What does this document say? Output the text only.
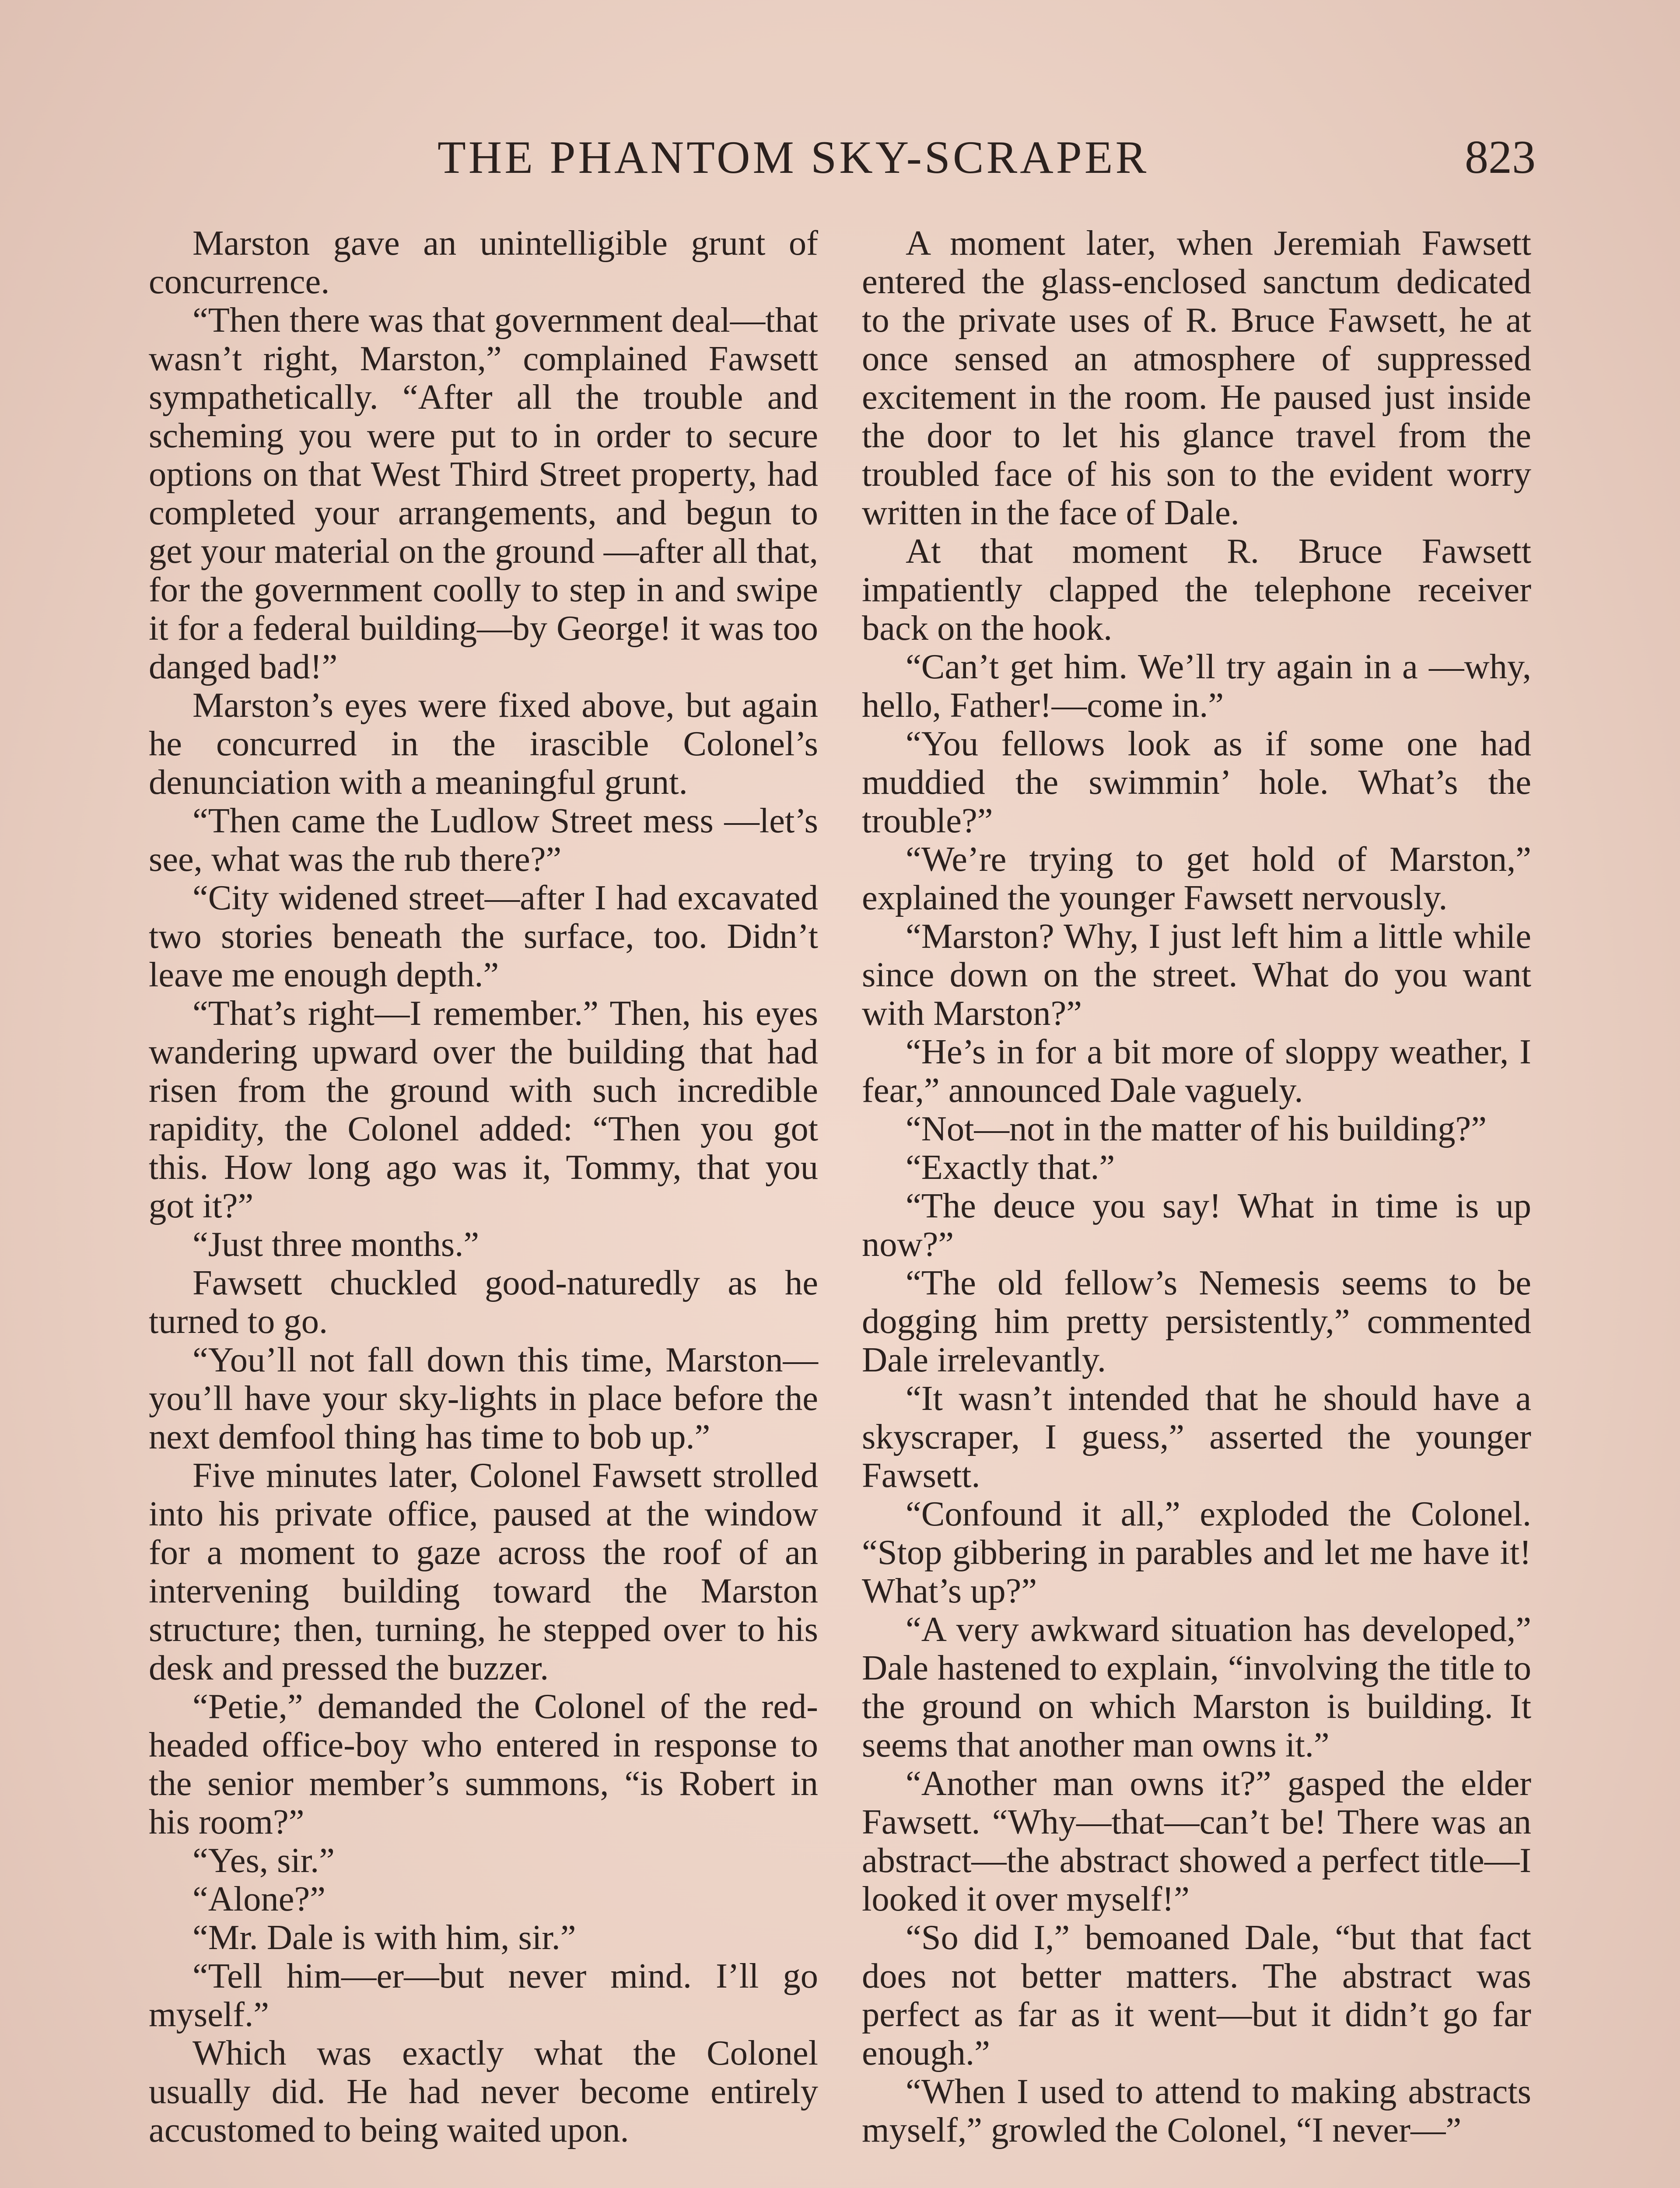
THE PHANTOM SKY-SCRAPER	823

Marston gave an unintelligible grunt of concurrence.

“Then there was that government deal—that wasn’t right, Marston,” complained Fawsett sympathetically. “After all the trouble and scheming you were put to in order to secure options on that West Third Street property, had completed your arrangements, and begun to get your material on the ground —after all that, for the government coolly to step in and swipe it for a federal building—by George! it was too danged bad!”

Marston’s eyes were fixed above, but again he concurred in the irascible Colonel’s denunciation with a meaningful grunt.

“Then came the Ludlow Street mess —let’s see, what was the rub there?”

“City widened street—after I had excavated two stories beneath the surface, too. Didn’t leave me enough depth.”

“That’s right—I remember.” Then, his eyes wandering upward over the building that had risen from the ground with such incredible rapidity, the Colonel added: “Then you got this. How long ago was it, Tommy, that you got it?”

“Just three months.”

Fawsett chuckled good-naturedly as he turned to go.

“You’ll not fall down this time, Marston—you’ll have your sky-lights in place before the next demfool thing has time to bob up.”

Five minutes later, Colonel Fawsett strolled into his private office, paused at the window for a moment to gaze across the roof of an intervening building toward the Marston structure; then, turning, he stepped over to his desk and pressed the buzzer.

“Petie,” demanded the Colonel of the red-headed office-boy who entered in response to the senior member’s summons, “is Robert in his room?”

“Yes, sir.”

“Alone?”

“Mr. Dale is with him, sir.”

“Tell him—er—but never mind. I’ll go myself.”

Which was exactly what the Colonel usually did. He had never become entirely accustomed to being waited upon.

A moment later, when Jeremiah Fawsett entered the glass-enclosed sanctum dedicated to the private uses of R. Bruce Fawsett, he at once sensed an atmosphere of suppressed excitement in the room. He paused just inside the door to let his glance travel from the troubled face of his son to the evident worry written in the face of Dale.

At that moment R. Bruce Fawsett impatiently clapped the telephone receiver back on the hook.

“Can’t get him. We’ll try again in a —why, hello, Father!—come in.”

“You fellows look as if some one had muddied the swimmin’ hole. What’s the trouble?”

“We’re trying to get hold of Marston,” explained the younger Fawsett nervously.

“Marston? Why, I just left him a little while since down on the street. What do you want with Marston?”

“He’s in for a bit more of sloppy weather, I fear,” announced Dale vaguely.

“Not—not in the matter of his building?”

“Exactly that.”

“The deuce you say! What in time is up now?”

“The old fellow’s Nemesis seems to be dogging him pretty persistently,” commented Dale irrelevantly.

“It wasn’t intended that he should have a skyscraper, I guess,” asserted the younger Fawsett.

“Confound it all,” exploded the Colonel. “Stop gibbering in parables and let me have it! What’s up?”

“A very awkward situation has developed,” Dale hastened to explain, “involving the title to the ground on which Marston is building. It seems that another man owns it.”

“Another man owns it?” gasped the elder Fawsett. “Why—that—can’t be! There was an abstract—the abstract showed a perfect title—I looked it over myself!”

“So did I,” bemoaned Dale, “but that fact does not better matters. The abstract was perfect as far as it went—but it didn’t go far enough.”

“When I used to attend to making abstracts myself,” growled the Colonel, “I never—”
